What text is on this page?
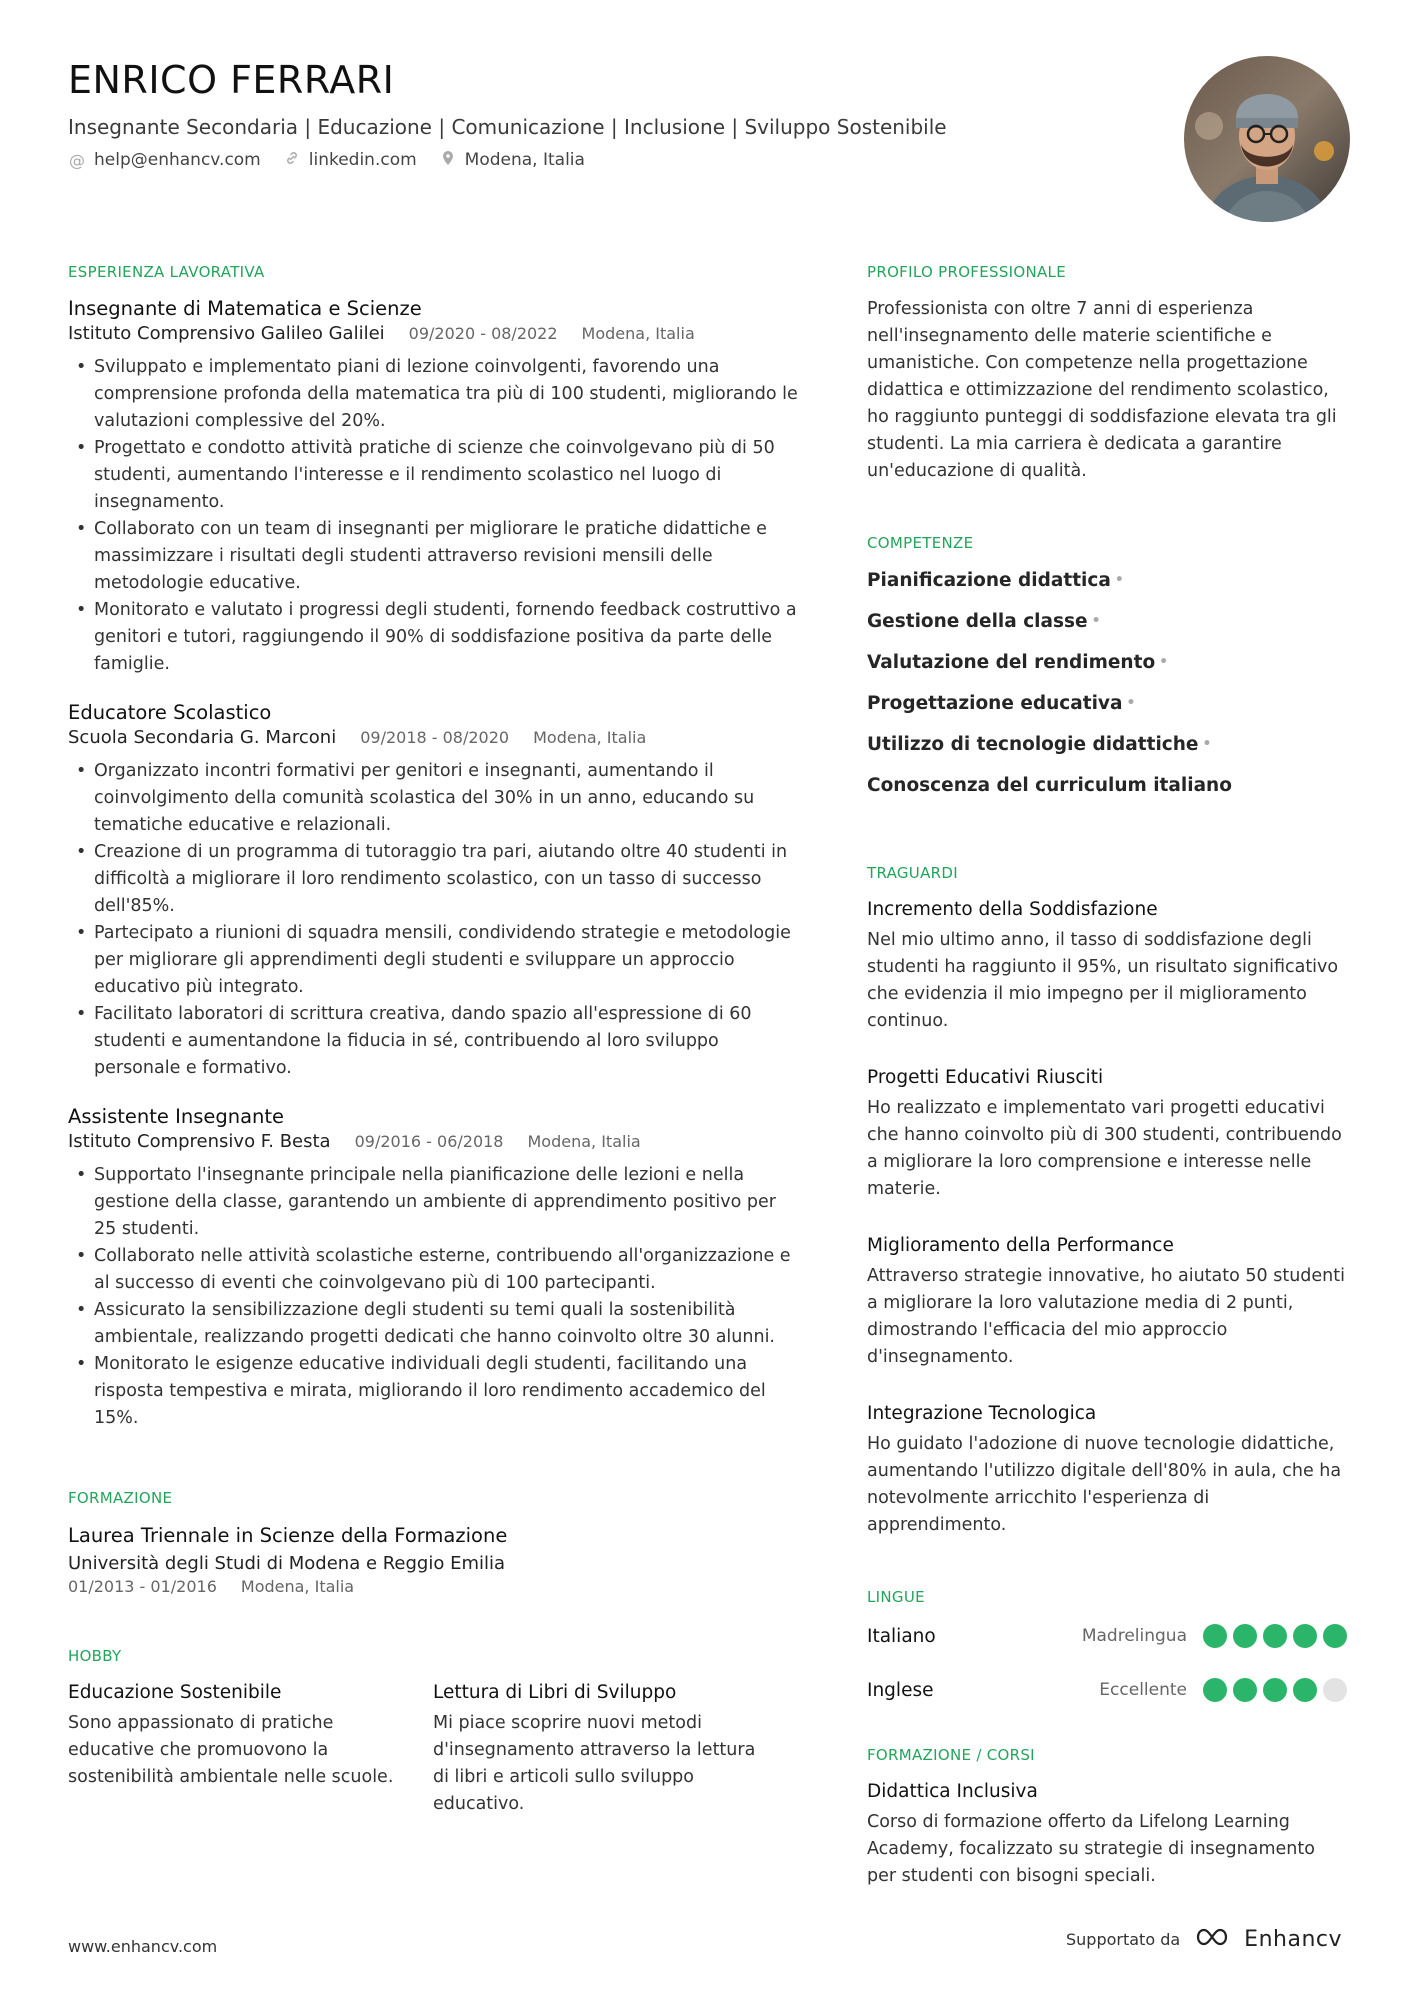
ENRICO FERRARI
Insegnante Secondaria | Educazione | Comunicazione | Inclusione | Sviluppo Sostenibile
@ help@enhancv.com	linkedin.com	Modena, Italia
ESPERIENZA LAVORATIVA
Insegnante di Matematica e Scienze
Istituto Comprensivo Galileo Galilei 09/2020 - 08/2022 Modena, Italia
• Sviluppato e implementato piani di lezione coinvolgenti, favorendo una comprensione profonda della matematica tra più di 100 studenti, migliorando le valutazioni complessive del 20%.
• Progettato e condotto attività pratiche di scienze che coinvolgevano più di 50 studenti, aumentando l'interesse e il rendimento scolastico nel luogo di insegnamento.
• Collaborato con un team di insegnanti per migliorare le pratiche didattiche e massimizzare i risultati degli studenti attraverso revisioni mensili delle metodologie educative.
• Monitorato e valutato i progressi degli studenti, fornendo feedback costruttivo a genitori e tutori, raggiungendo il 90% di soddisfazione positiva da parte delle famiglie.
Educatore Scolastico
Scuola Secondaria G. Marconi 09/2018 - 08/2020 Modena, Italia
• Organizzato incontri formativi per genitori e insegnanti, aumentando il coinvolgimento della comunità scolastica del 30% in un anno, educando su tematiche educative e relazionali.
• Creazione di un programma di tutoraggio tra pari, aiutando oltre 40 studenti in difficoltà a migliorare il loro rendimento scolastico, con un tasso di successo dell'85%.
• Partecipato a riunioni di squadra mensili, condividendo strategie e metodologie per migliorare gli apprendimenti degli studenti e sviluppare un approccio educativo più integrato.
• Facilitato laboratori di scrittura creativa, dando spazio all'espressione di 60 studenti e aumentandone la fiducia in sé, contribuendo al loro sviluppo personale e formativo.
Assistente Insegnante
Istituto Comprensivo F. Besta 09/2016 - 06/2018 Modena, Italia
• Supportato l'insegnante principale nella pianificazione delle lezioni e nella gestione della classe, garantendo un ambiente di apprendimento positivo per 25 studenti.
• Collaborato nelle attività scolastiche esterne, contribuendo all'organizzazione e al successo di eventi che coinvolgevano più di 100 partecipanti.
• Assicurato la sensibilizzazione degli studenti su temi quali la sostenibilità ambientale, realizzando progetti dedicati che hanno coinvolto oltre 30 alunni.
• Monitorato le esigenze educative individuali degli studenti, facilitando una risposta tempestiva e mirata, migliorando il loro rendimento accademico del 15%.
FORMAZIONE
Laurea Triennale in Scienze della Formazione
Università degli Studi di Modena e Reggio Emilia
01/2013 - 01/2016 Modena, Italia
HOBBY
Educazione Sostenibile
Sono appassionato di pratiche educative che promuovono la sostenibilità ambientale nelle scuole.
Lettura di Libri di Sviluppo
Mi piace scoprire nuovi metodi d'insegnamento attraverso la lettura di libri e articoli sullo sviluppo educativo.
PROFILO PROFESSIONALE
Professionista con oltre 7 anni di esperienza nell'insegnamento delle materie scientifiche e umanistiche. Con competenze nella progettazione didattica e ottimizzazione del rendimento scolastico, ho raggiunto punteggi di soddisfazione elevata tra gli studenti. La mia carriera è dedicata a garantire un'educazione di qualità.
COMPETENZE
Pianificazione didattica •
Gestione della classe •
Valutazione del rendimento •
Progettazione educativa •
Utilizzo di tecnologie didattiche •
Conoscenza del curriculum italiano
TRAGUARDI
Incremento della Soddisfazione
Nel mio ultimo anno, il tasso di soddisfazione degli studenti ha raggiunto il 95%, un risultato significativo che evidenzia il mio impegno per il miglioramento continuo.
Progetti Educativi Riusciti
Ho realizzato e implementato vari progetti educativi che hanno coinvolto più di 300 studenti, contribuendo a migliorare la loro comprensione e interesse nelle materie.
Miglioramento della Performance
Attraverso strategie innovative, ho aiutato 50 studenti a migliorare la loro valutazione media di 2 punti, dimostrando l'efficacia del mio approccio d'insegnamento.
Integrazione Tecnologica
Ho guidato l'adozione di nuove tecnologie didattiche, aumentando l'utilizzo digitale dell'80% in aula, che ha notevolmente arricchito l'esperienza di apprendimento.
LINGUE
Italiano	Madrelingua
Inglese	Eccellente
FORMAZIONE / CORSI
Didattica Inclusiva
Corso di formazione offerto da Lifelong Learning Academy, focalizzato su strategie di insegnamento per studenti con bisogni speciali.
www.enhancv.com	Supportato da	Enhancv
